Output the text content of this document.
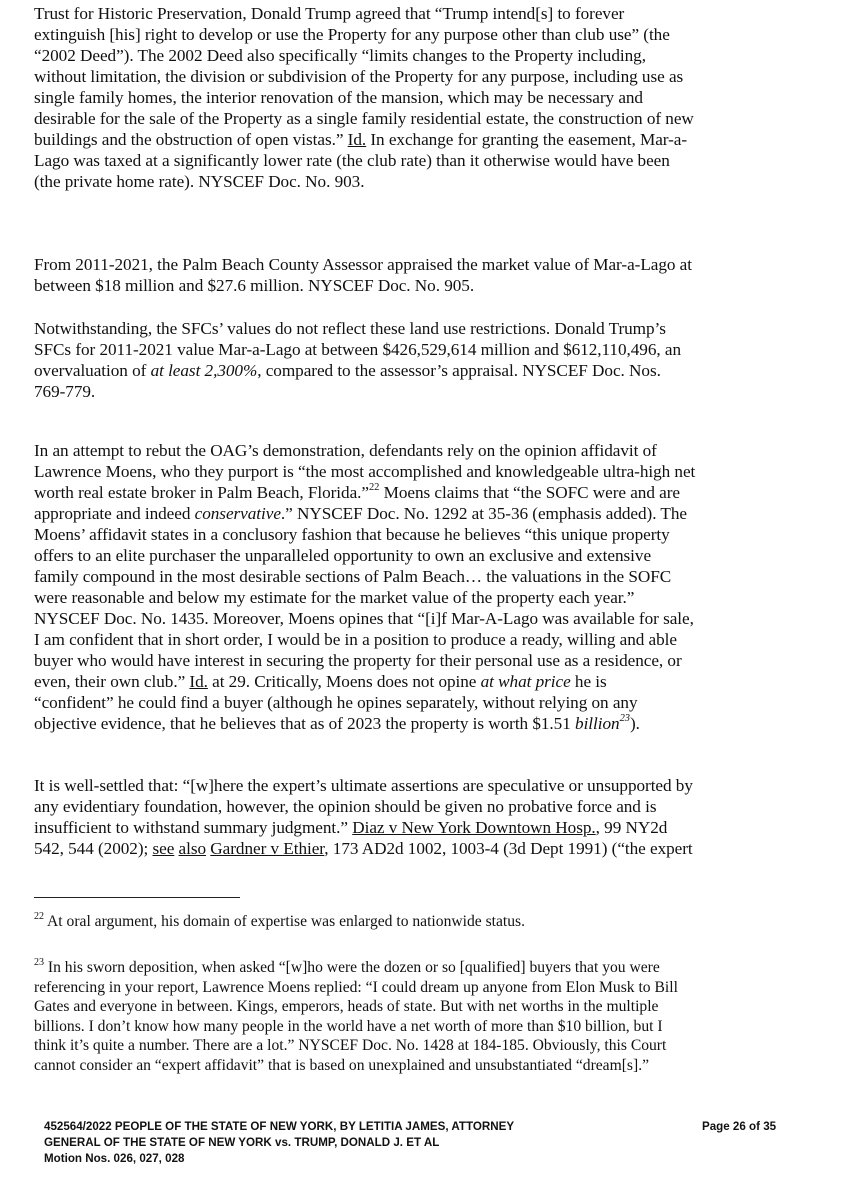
Trust for Historic Preservation, Donald Trump agreed that “Trump intend[s] to forever
extinguish [his] right to develop or use the Property for any purpose other than club use” (the
“2002 Deed”). The 2002 Deed also specifically “limits changes to the Property including,
without limitation, the division or subdivision of the Property for any purpose, including use as
single family homes, the interior renovation of the mansion, which may be necessary and
desirable for the sale of the Property as a single family residential estate, the construction of new
buildings and the obstruction of open vistas.” Id. In exchange for granting the easement, Mar-a-
Lago was taxed at a significantly lower rate (the club rate) than it otherwise would have been
(the private home rate). NYSCEF Doc. No. 903.

From 2011-2021, the Palm Beach County Assessor appraised the market value of Mar-a-Lago at
between $18 million and $27.6 million. NYSCEF Doc. No. 905.

Notwithstanding, the SFCs’ values do not reflect these land use restrictions. Donald Trump’s
SFCs for 2011-2021 value Mar-a-Lago at between $426,529,614 million and $612,110,496, an
overvaluation of at least 2,300%, compared to the assessor’s appraisal. NYSCEF Doc. Nos.
769-779.

In an attempt to rebut the OAG’s demonstration, defendants rely on the opinion affidavit of
Lawrence Moens, who they purport is “the most accomplished and knowledgeable ultra-high net
worth real estate broker in Palm Beach, Florida.”$^{22}$ Moens claims that “the SOFC were and are
appropriate and indeed conservative.” NYSCEF Doc. No. 1292 at 35-36 (emphasis added). The
Moens’ affidavit states in a conclusory fashion that because he believes “this unique property
offers to an elite purchaser the unparalleled opportunity to own an exclusive and extensive
family compound in the most desirable sections of Palm Beach… the valuations in the SOFC
were reasonable and below my estimate for the market value of the property each year.”
NYSCEF Doc. No. 1435. Moreover, Moens opines that “[i]f Mar-A-Lago was available for sale,
I am confident that in short order, I would be in a position to produce a ready, willing and able
buyer who would have interest in securing the property for their personal use as a residence, or
even, their own club.” Id. at 29. Critically, Moens does not opine at what price he is
“confident” he could find a buyer (although he opines separately, without relying on any
objective evidence, that he believes that as of 2023 the property is worth $1.51 billion$^{23}$).

It is well-settled that: “[w]here the expert’s ultimate assertions are speculative or unsupported by
any evidentiary foundation, however, the opinion should be given no probative force and is
insufficient to withstand summary judgment.” Diaz v New York Downtown Hosp., 99 NY2d
542, 544 (2002); see also Gardner v Ethier, 173 AD2d 1002, 1003-4 (3d Dept 1991) (“the expert

$^{22}$ At oral argument, his domain of expertise was enlarged to nationwide status.

$^{23}$ In his sworn deposition, when asked “[w]ho were the dozen or so [qualified] buyers that you were
referencing in your report, Lawrence Moens replied: “I could dream up anyone from Elon Musk to Bill
Gates and everyone in between. Kings, emperors, heads of state. But with net worths in the multiple
billions. I don’t know how many people in the world have a net worth of more than $10 billion, but I
think it’s quite a number. There are a lot.” NYSCEF Doc. No. 1428 at 184-185. Obviously, this Court
cannot consider an “expert affidavit” that is based on unexplained and unsubstantiated “dream[s].”

452564/2022 PEOPLE OF THE STATE OF NEW YORK, BY LETITIA JAMES, ATTORNEY
GENERAL OF THE STATE OF NEW YORK vs. TRUMP, DONALD J. ET AL
Motion Nos. 026, 027, 028
Page 26 of 35
